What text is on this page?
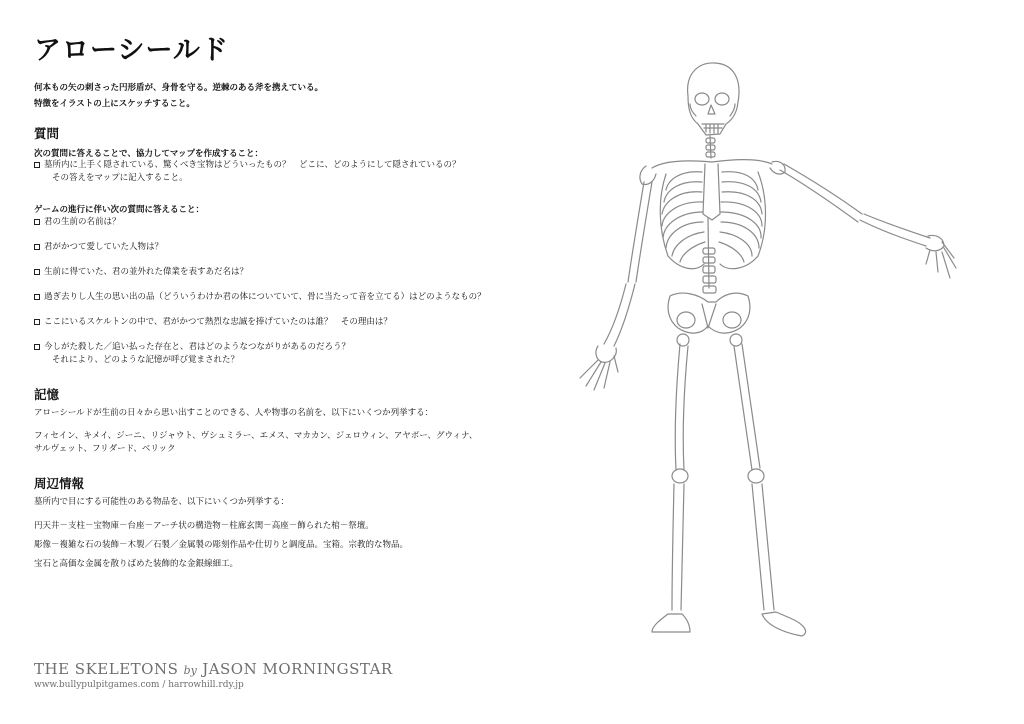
アローシールド

何本もの矢の刺さった円形盾が、身骨を守る。逆棘のある斧を携えている。

特徴をイラストの上にスケッチすること。

質問

次の質問に答えることで、協力してマップを作成すること：

墓所内に上手く隠されている、驚くべき宝物はどういったもの？　どこに、どのようにして隠されているの？
その答えをマップに記入すること。

ゲームの進行に伴い次の質問に答えること：

君の生前の名前は？
君がかつて愛していた人物は？
生前に得ていた、君の並外れた偉業を表すあだ名は？
過ぎ去りし人生の思い出の品（どういうわけか君の体についていて、骨に当たって音を立てる）はどのようなもの？
ここにいるスケルトンの中で、君がかつて熱烈な忠誠を捧げていたのは誰？　その理由は？
今しがた殺した／追い払った存在と、君はどのようなつながりがあるのだろう？
それにより、どのような記憶が呼び覚まされた？
記憶

アローシールドが生前の日々から思い出すことのできる、人や物事の名前を、以下にいくつか列挙する：

フィセイン、キメイ、ジーニ、リジャウト、ヴシュミラー、エメス、マカカン、ジェロウィン、アヤボー、グウィナ、

サルヴェット、フリダード、ベリック

周辺情報

墓所内で目にする可能性のある物品を、以下にいくつか列挙する：

円天井－支柱－宝物庫－台座－アーチ状の構造物－柱廊玄関－高座－飾られた棺－祭壇。

彫像－複雑な石の装飾－木製／石製／金属製の彫刻作品や仕切りと調度品。宝箱。宗教的な物品。

宝石と高価な金属を散りばめた装飾的な金銀線細工。

THE SKELETONS by JASON MORNINGSTAR

www.bullypulpitgames.com / harrowhill.rdy.jp
